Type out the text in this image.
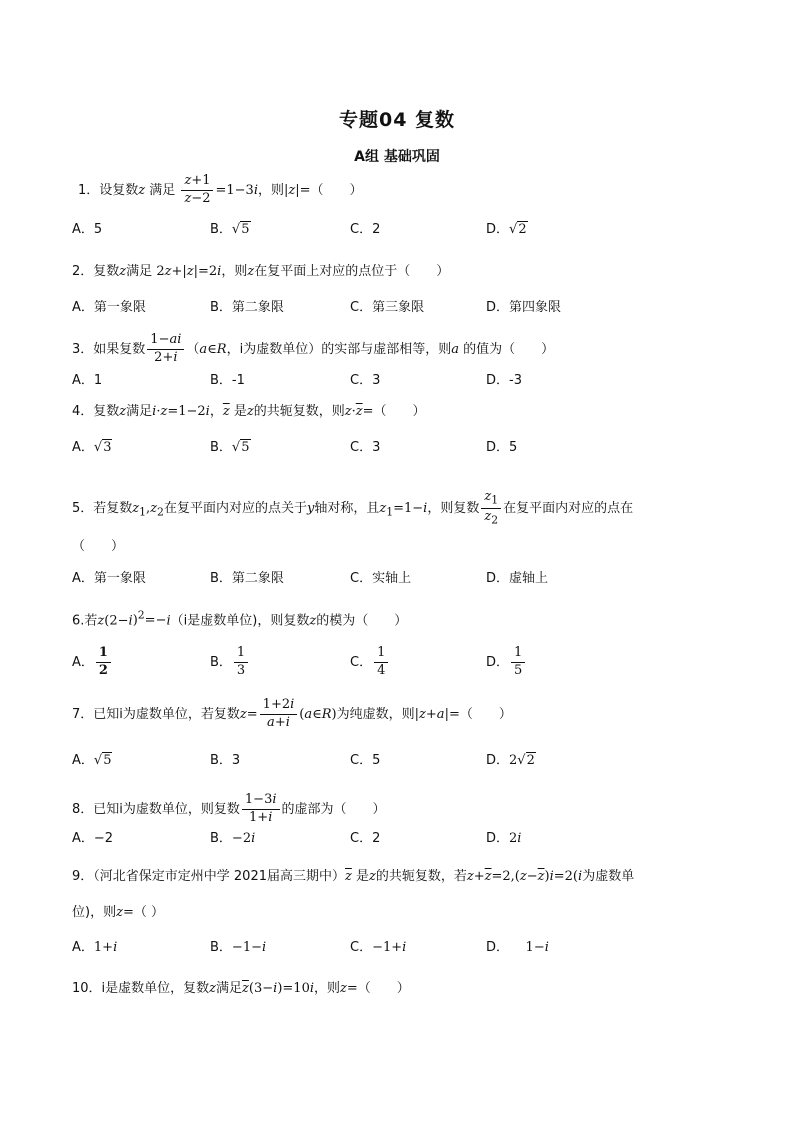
专题04 复数
A组 基础巩固
1．设复数z 满足 $\frac{z+1}{z-2} =1-3i$，则|z|=（　　）
A．5	B．√5	C．2	D．√2
2．复数z满足 2z+|z|=2i，则z在复平面上对应的点位于（　　）
A．第一象限	B．第二象限	C．第三象限	D．第四象限
3．如果复数 $\frac{1-ai}{2+i}$ （a∈R，i为虚数单位）的实部与虚部相等，则a 的值为（　　）
A．1	B．-1	C．3	D．-3
4．复数z满足i·z=1−2i，$\overline{z}$ 是z的共轭复数，则$z\cdot\overline{z}=$（　　）
A．√3	B．√5	C．3	D．5
5．若复数$z_1,z_2$在复平面内对应的点关于y轴对称，且$z_1=1-i$，则复数 $\frac{z_1}{z_2}$ 在复平面内对应的点在
（　　）
A．第一象限	B．第二象限	C．实轴上	D．虚轴上
6.若$z(2-i)^2=-i(i$是虚数单位)，则复数z的模为（　　）
A． $\frac{1}{2}$	B． $\frac{1}{3}$	C． $\frac{1}{4}$	D． $\frac{1}{5}$
7．已知i为虚数单位，若复数$z= \frac{1+2i}{a+i}$ (a∈R)为纯虚数，则|z+a|=（　　）
A．√5	B．3	C．5	D．2√2
8．已知i为虚数单位，则复数 $\frac{1-3i}{1+i}$ 的虚部为（　　）
A．−2	B．−2i	C．2	D．2i
9．（河北省保定市定州中学 2021届高三期中）$\overline{z}$ 是z的共轭复数，若$z+\overline{z}=2,(z-\overline{z})i=2(i$为虚数单
位)，则z=（ ）
A．1+i	B．−1−i	C．−1+i	D． 1−i
10．i是虚数单位，复数z满足$\overline{z}(3-i)=10i$，则z=（　　）
